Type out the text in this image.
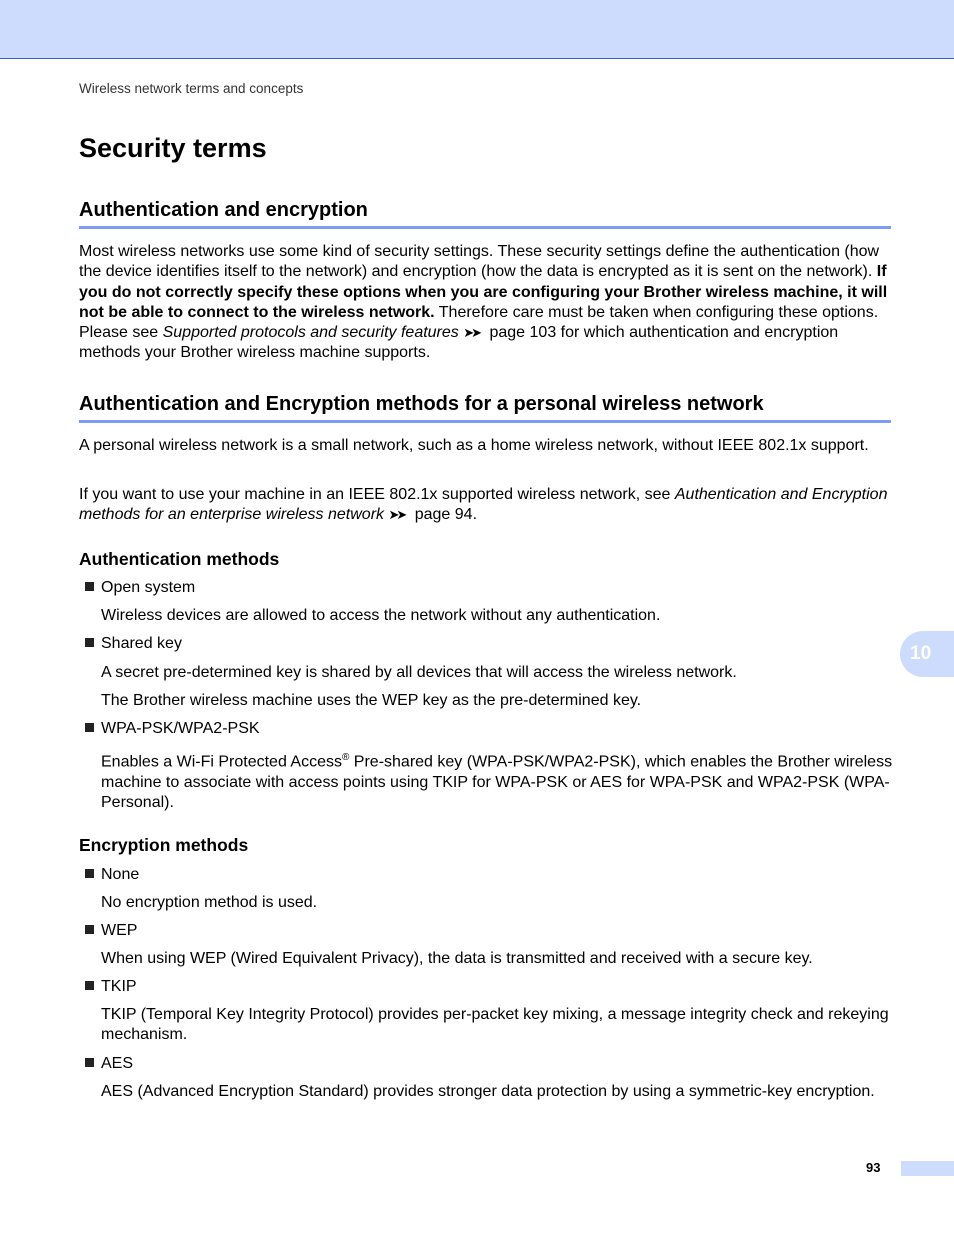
Wireless network terms and concepts
Security terms
Authentication and encryption

Most wireless networks use some kind of security settings. These security settings define the authentication (how the device identifies itself to the network) and encryption (how the data is encrypted as it is sent on the network). If you do not correctly specify these options when you are configuring your Brother wireless machine, it will not be able to connect to the wireless network. Therefore care must be taken when configuring these options. Please see Supported protocols and security features ➤➤ page 103 for which authentication and encryption methods your Brother wireless machine supports.

Authentication and Encryption methods for a personal wireless network

A personal wireless network is a small network, such as a home wireless network, without IEEE 802.1x support.

If you want to use your machine in an IEEE 802.1x supported wireless network, see Authentication and Encryption methods for an enterprise wireless network ➤➤ page 94.

Authentication methods
Open system

Wireless devices are allowed to access the network without any authentication.

Shared key

A secret pre-determined key is shared by all devices that will access the wireless network.

The Brother wireless machine uses the WEP key as the pre-determined key.

WPA-PSK/WPA2-PSK

Enables a Wi-Fi Protected Access® Pre-shared key (WPA-PSK/WPA2-PSK), which enables the Brother wireless machine to associate with access points using TKIP for WPA-PSK or AES for WPA-PSK and WPA2-PSK (WPA-Personal).

Encryption methods
None

No encryption method is used.

WEP

When using WEP (Wired Equivalent Privacy), the data is transmitted and received with a secure key.

TKIP

TKIP (Temporal Key Integrity Protocol) provides per-packet key mixing, a message integrity check and rekeying mechanism.

AES

AES (Advanced Encryption Standard) provides stronger data protection by using a symmetric-key encryption.

10
93
